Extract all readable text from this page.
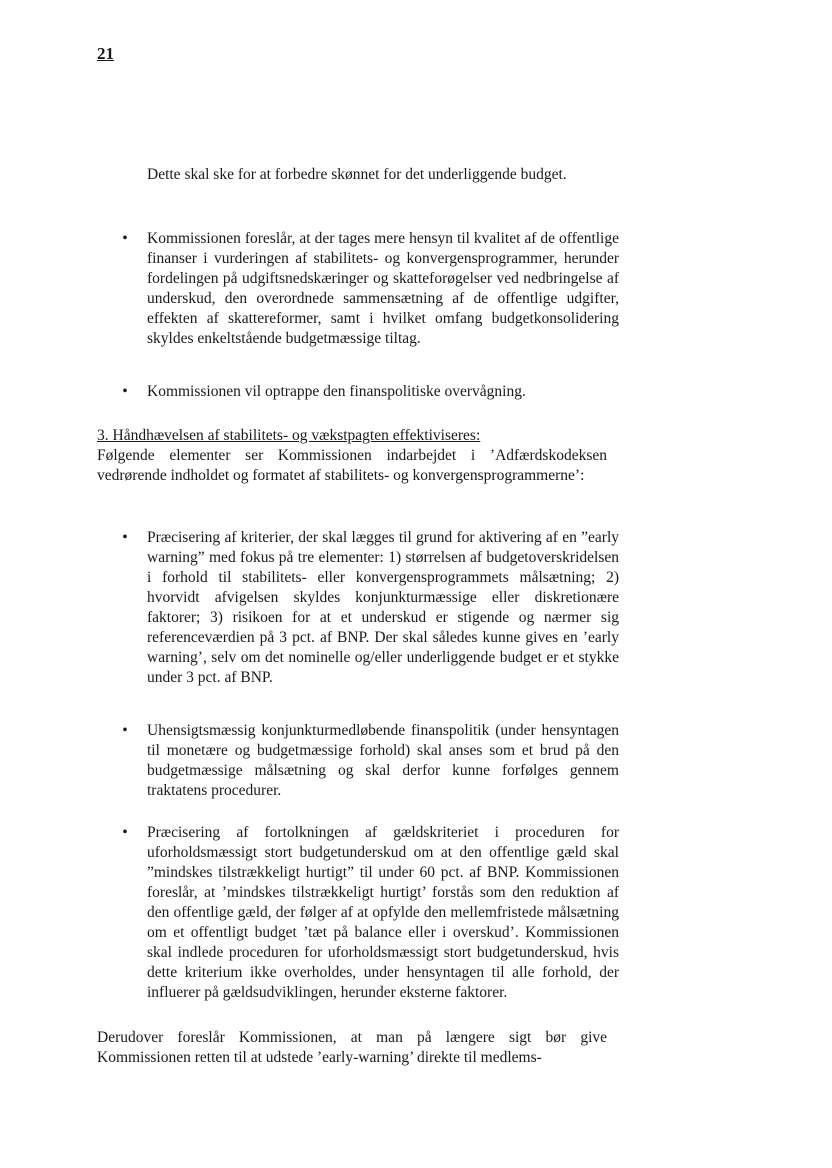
21

Dette skal ske for at forbedre skønnet for det underliggende budget.

• Kommissionen foreslår, at der tages mere hensyn til kvalitet af de offentlige finanser i vurderingen af stabilitets- og konvergensprogrammer, herunder fordelingen på udgiftsnedskæringer og skatteforøgelser ved nedbringelse af underskud, den overordnede sammensætning af de offentlige udgifter, effekten af skattereformer, samt i hvilket omfang budgetkonsolidering skyldes enkeltstående budgetmæssige tiltag.
• Kommissionen vil optrappe den finanspolitiske overvågning.
3. Håndhævelsen af stabilitets- og vækstpagten effektiviseres:

Følgende elementer ser Kommissionen indarbejdet i ’Adfærdskodeksen vedrørende indholdet og formatet af stabilitets- og konvergensprogrammerne’:

• Præcisering af kriterier, der skal lægges til grund for aktivering af en ”early warning” med fokus på tre elementer: 1) størrelsen af budgetoverskridelsen i forhold til stabilitets- eller konvergensprogrammets målsætning; 2) hvorvidt afvigelsen skyldes konjunkturmæssige eller diskretionære faktorer; 3) risikoen for at et underskud er stigende og nærmer sig referenceværdien på 3 pct. af BNP. Der skal således kunne gives en ’early warning’, selv om det nominelle og/eller underliggende budget er et stykke under 3 pct. af BNP.
• Uhensigtsmæssig konjunkturmedløbende finanspolitik (under hensyntagen til monetære og budgetmæssige forhold) skal anses som et brud på den budgetmæssige målsætning og skal derfor kunne forfølges gennem traktatens procedurer.
• Præcisering af fortolkningen af gældskriteriet i proceduren for uforholdsmæssigt stort budgetunderskud om at den offentlige gæld skal ”mindskes tilstrækkeligt hurtigt” til under 60 pct. af BNP. Kommissionen foreslår, at ’mindskes tilstrækkeligt hurtigt’ forstås som den reduktion af den offentlige gæld, der følger af at opfylde den mellemfristede målsætning om et offentligt budget ’tæt på balance eller i overskud’. Kommissionen skal indlede proceduren for uforholdsmæssigt stort budgetunderskud, hvis dette kriterium ikke overholdes, under hensyntagen til alle forhold, der influerer på gældsudviklingen, herunder eksterne faktorer.

Derudover foreslår Kommissionen, at man på længere sigt bør give Kommissionen retten til at udstede ’early-warning’ direkte til medlems-
